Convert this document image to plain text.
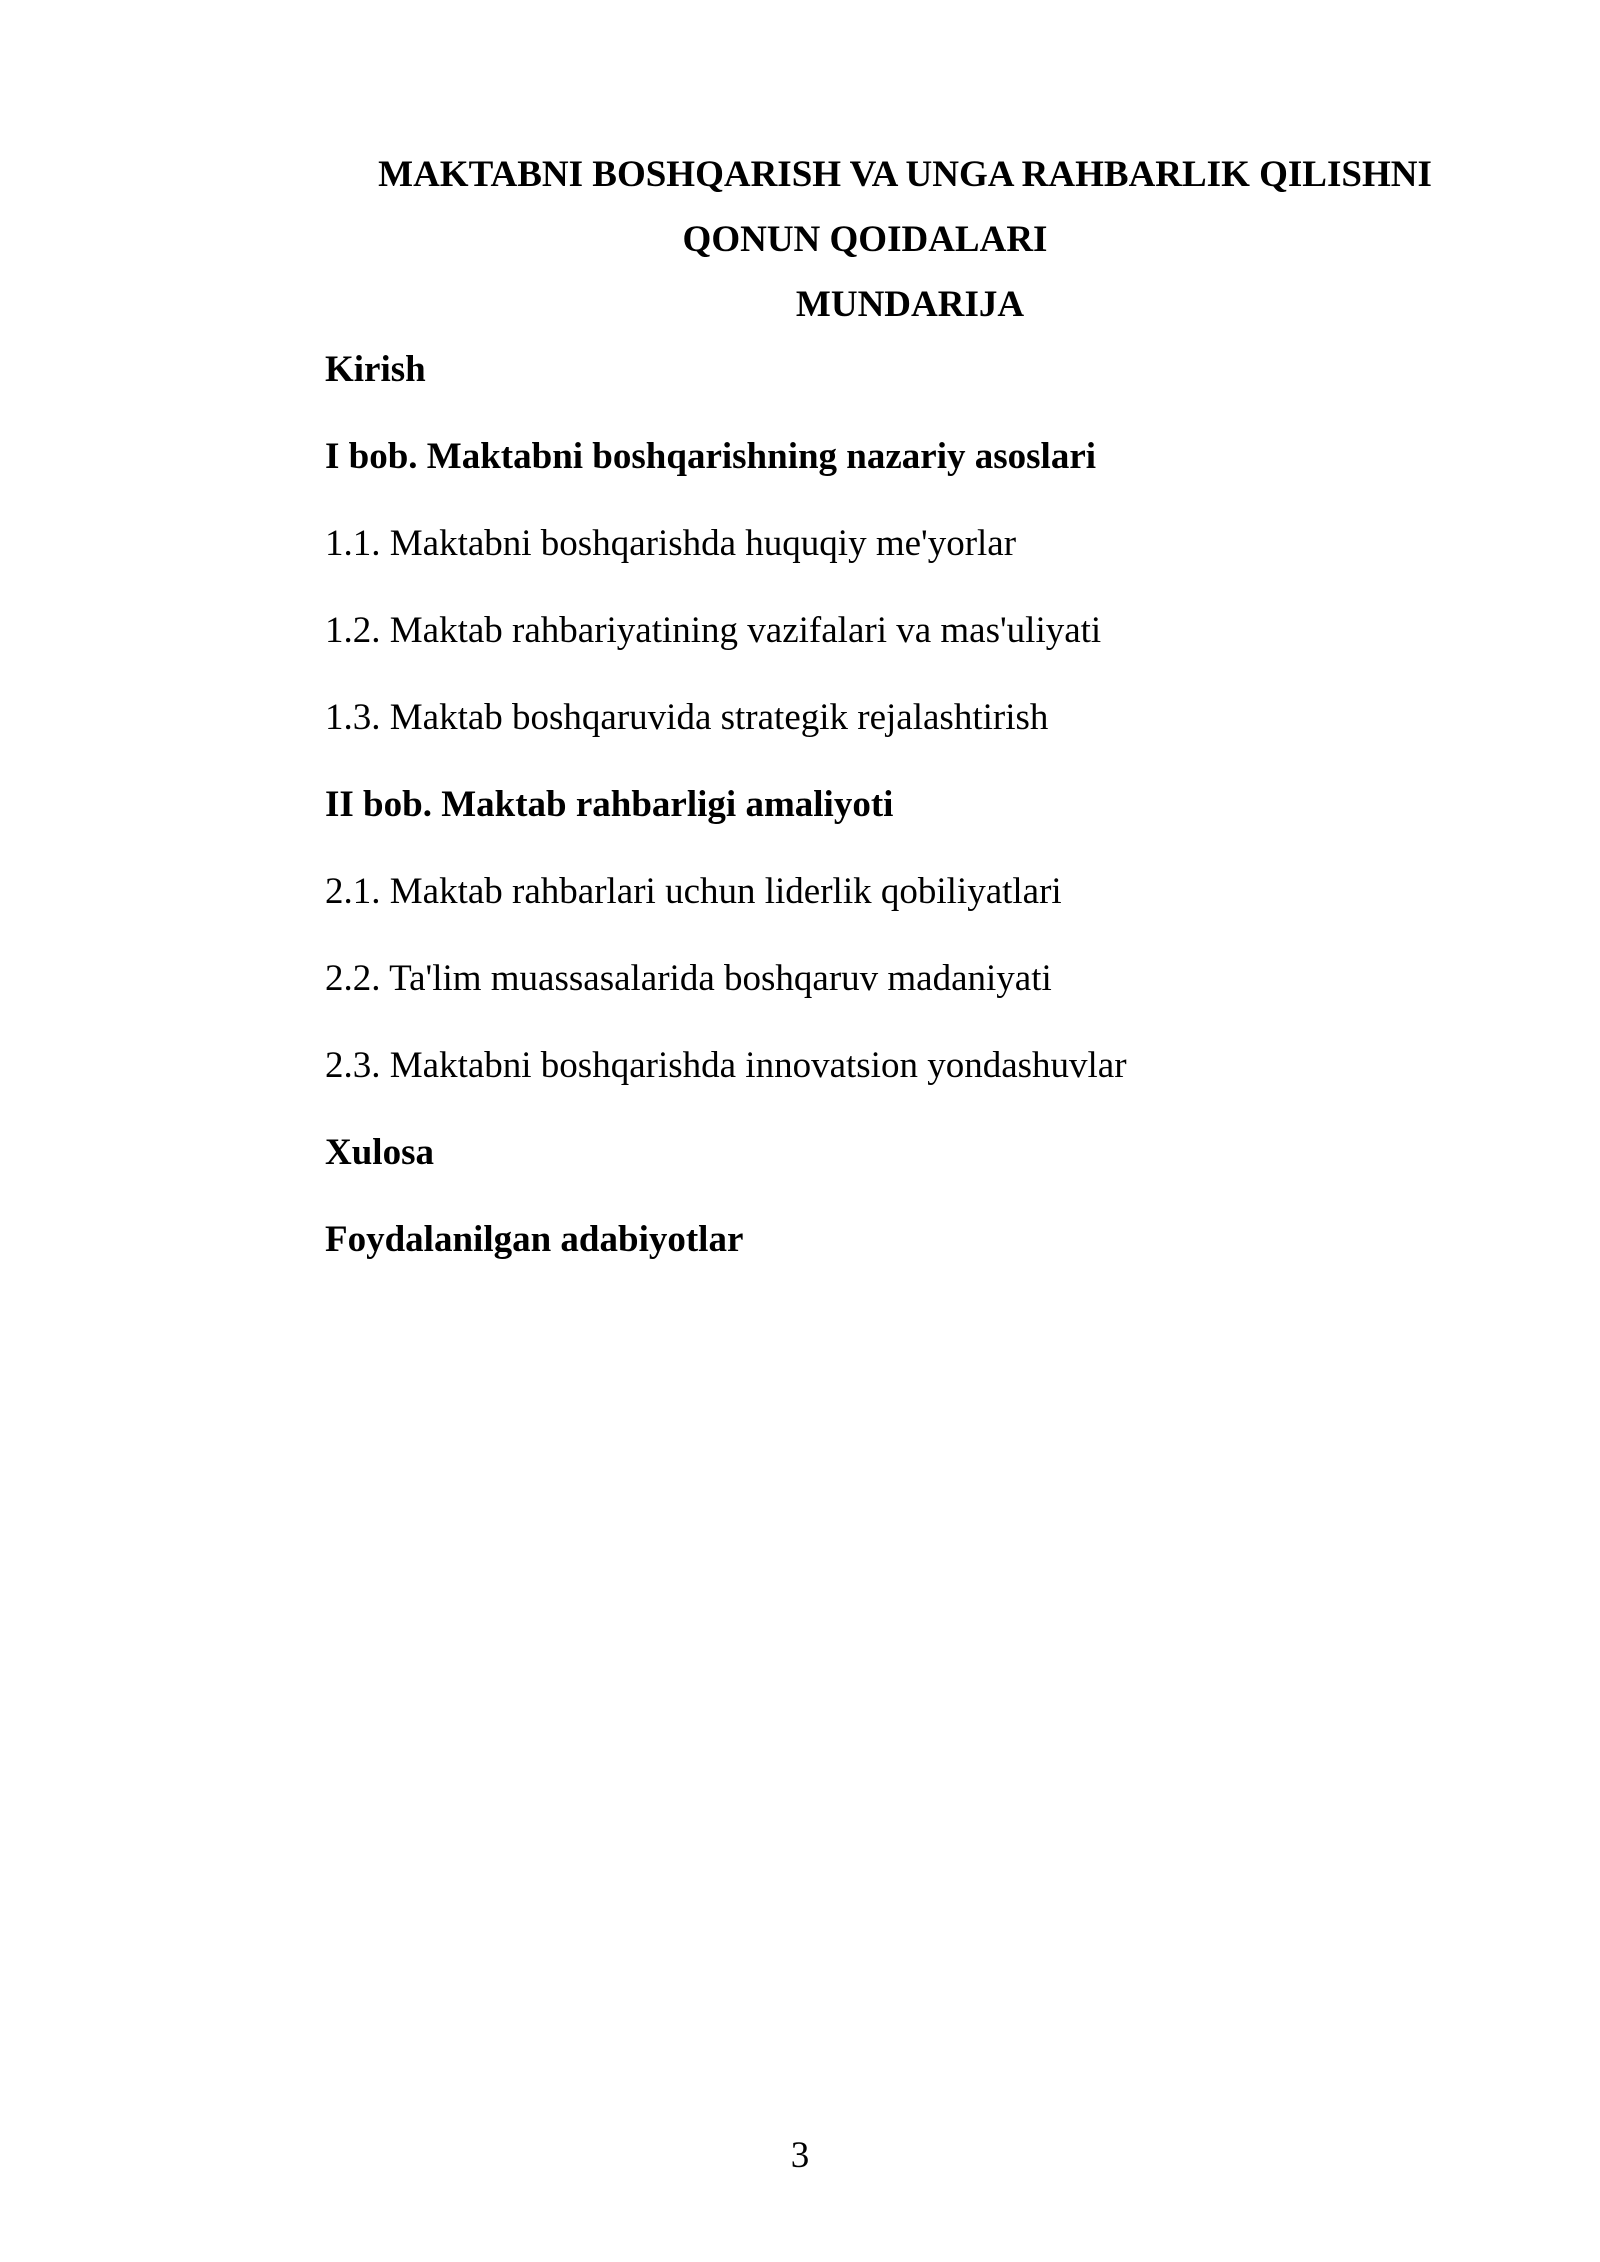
MAKTABNI BOSHQARISH VA UNGA RAHBARLIK QILISHNI
QONUN QOIDALARI
MUNDARIJA
Kirish
I bob. Maktabni boshqarishning nazariy asoslari
1.1. Maktabni boshqarishda huquqiy me'yorlar
1.2. Maktab rahbariyatining vazifalari va mas'uliyati
1.3. Maktab boshqaruvida strategik rejalashtirish
II bob. Maktab rahbarligi amaliyoti
2.1. Maktab rahbarlari uchun liderlik qobiliyatlari
2.2. Ta'lim muassasalarida boshqaruv madaniyati
2.3. Maktabni boshqarishda innovatsion yondashuvlar
Xulosa
Foydalanilgan adabiyotlar
3
